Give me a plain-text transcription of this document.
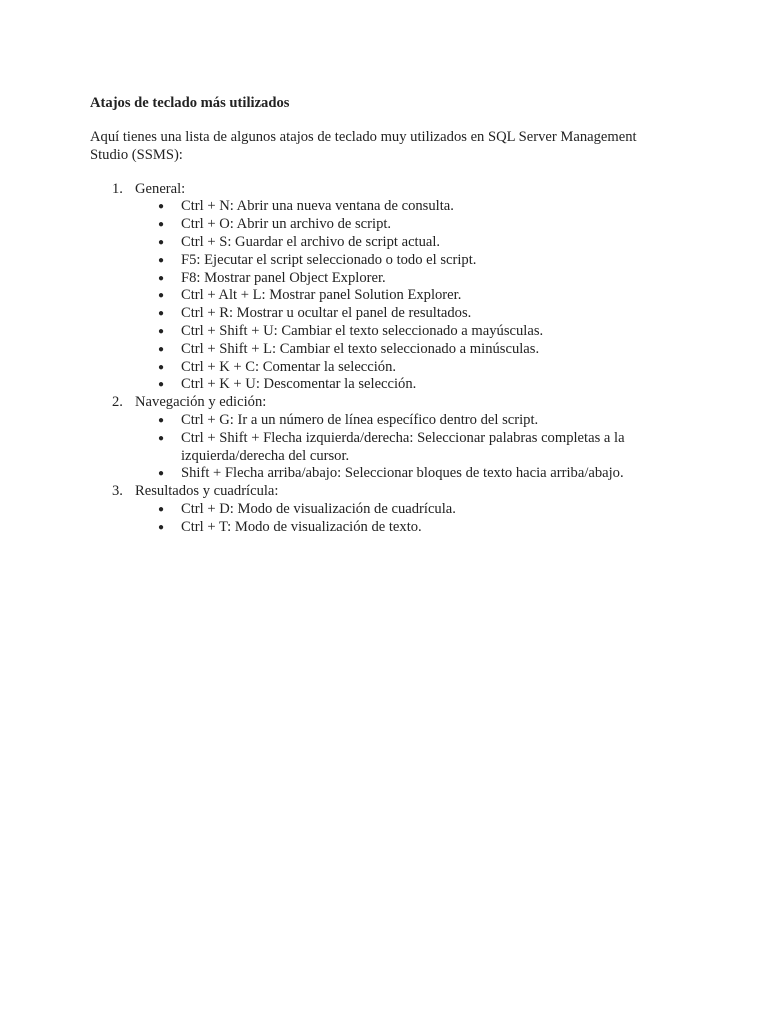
Atajos de teclado más utilizados
Aquí tienes una lista de algunos atajos de teclado muy utilizados en SQL Server Management Studio (SSMS):
1. General:
● Ctrl + N: Abrir una nueva ventana de consulta.
● Ctrl + O: Abrir un archivo de script.
● Ctrl + S: Guardar el archivo de script actual.
● F5: Ejecutar el script seleccionado o todo el script.
● F8: Mostrar panel Object Explorer.
● Ctrl + Alt + L: Mostrar panel Solution Explorer.
● Ctrl + R: Mostrar u ocultar el panel de resultados.
● Ctrl + Shift + U: Cambiar el texto seleccionado a mayúsculas.
● Ctrl + Shift + L: Cambiar el texto seleccionado a minúsculas.
● Ctrl + K + C: Comentar la selección.
● Ctrl + K + U: Descomentar la selección.
2. Navegación y edición:
● Ctrl + G: Ir a un número de línea específico dentro del script.
● Ctrl + Shift + Flecha izquierda/derecha: Seleccionar palabras completas a la izquierda/derecha del cursor.
● Shift + Flecha arriba/abajo: Seleccionar bloques de texto hacia arriba/abajo.
3. Resultados y cuadrícula:
● Ctrl + D: Modo de visualización de cuadrícula.
● Ctrl + T: Modo de visualización de texto.
